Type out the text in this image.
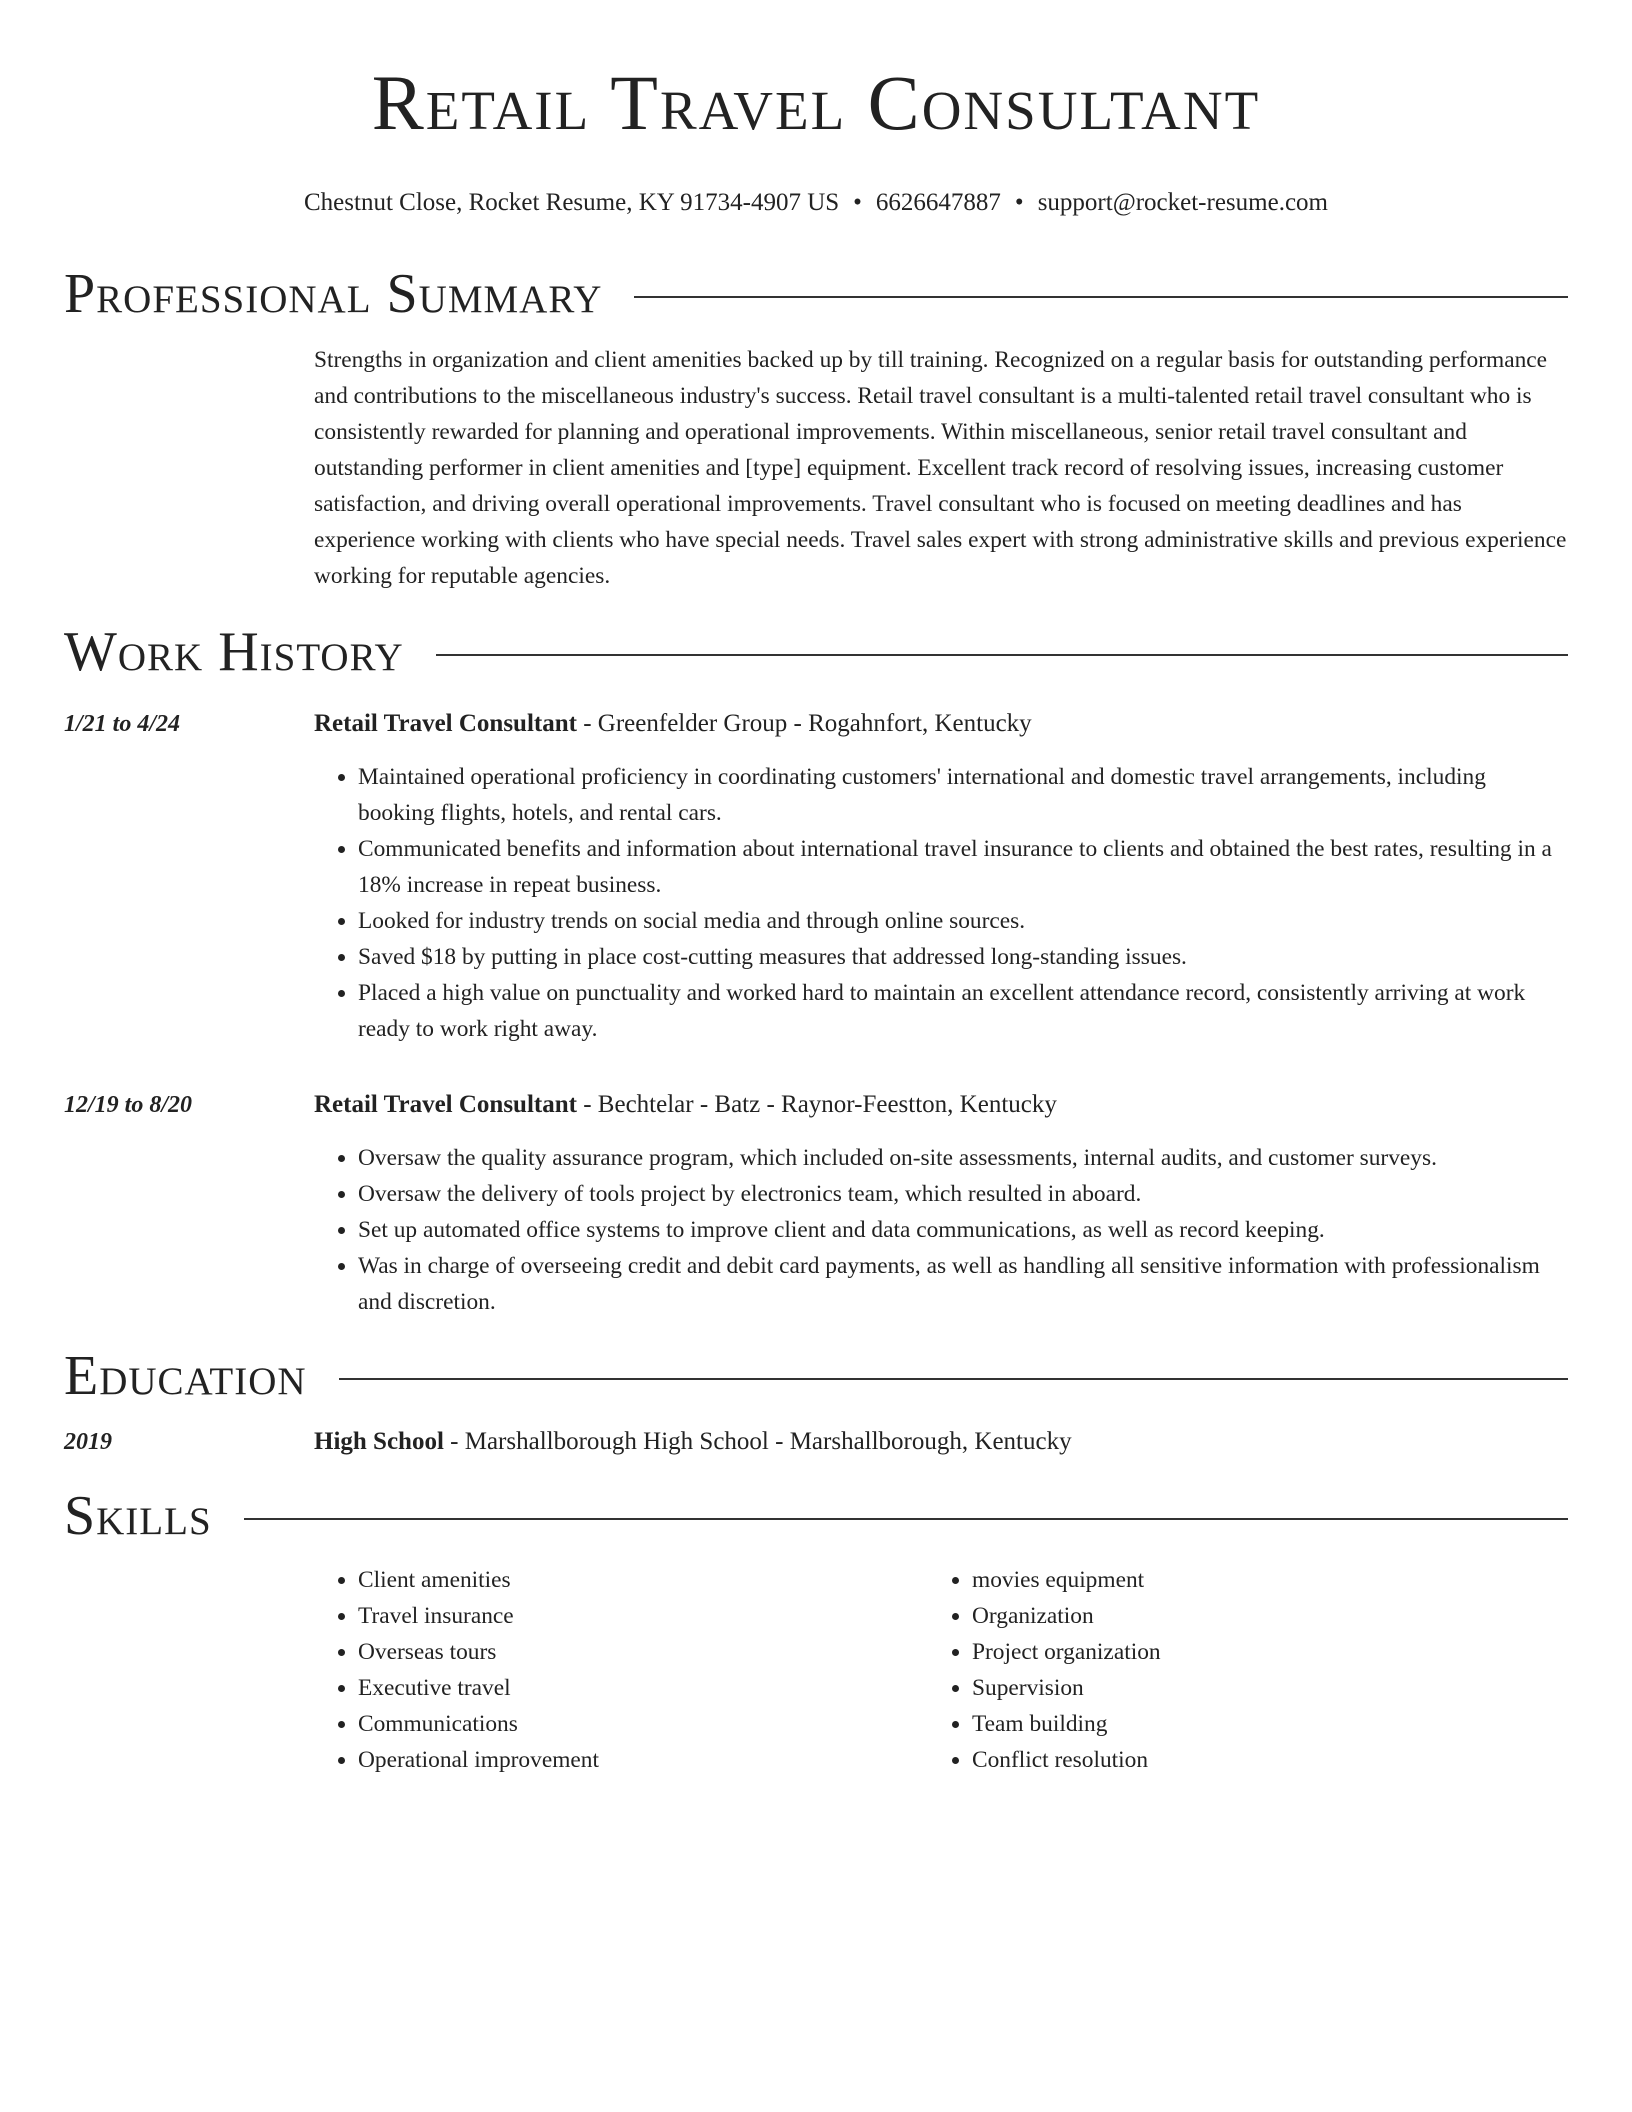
Retail Travel Consultant
Chestnut Close, Rocket Resume, KY 91734-4907 US • 6626647887 • support@rocket-resume.com
Professional Summary
Strengths in organization and client amenities backed up by till training. Recognized on a regular basis for outstanding performance and contributions to the miscellaneous industry's success. Retail travel consultant is a multi-talented retail travel consultant who is consistently rewarded for planning and operational improvements. Within miscellaneous, senior retail travel consultant and outstanding performer in client amenities and [type] equipment. Excellent track record of resolving issues, increasing customer satisfaction, and driving overall operational improvements. Travel consultant who is focused on meeting deadlines and has experience working with clients who have special needs. Travel sales expert with strong administrative skills and previous experience working for reputable agencies.
Work History
1/21 to 4/24	Retail Travel Consultant - Greenfelder Group - Rogahnfort, Kentucky
• Maintained operational proficiency in coordinating customers' international and domestic travel arrangements, including booking flights, hotels, and rental cars.
• Communicated benefits and information about international travel insurance to clients and obtained the best rates, resulting in a 18% increase in repeat business.
• Looked for industry trends on social media and through online sources.
• Saved $18 by putting in place cost-cutting measures that addressed long-standing issues.
• Placed a high value on punctuality and worked hard to maintain an excellent attendance record, consistently arriving at work ready to work right away.
12/19 to 8/20	Retail Travel Consultant - Bechtelar - Batz - Raynor-Feestton, Kentucky
• Oversaw the quality assurance program, which included on-site assessments, internal audits, and customer surveys.
• Oversaw the delivery of tools project by electronics team, which resulted in aboard.
• Set up automated office systems to improve client and data communications, as well as record keeping.
• Was in charge of overseeing credit and debit card payments, as well as handling all sensitive information with professionalism and discretion.
Education
2019	High School - Marshallborough High School - Marshallborough, Kentucky
Skills
• Client amenities
• Travel insurance
• Overseas tours
• Executive travel
• Communications
• Operational improvement
• movies equipment
• Organization
• Project organization
• Supervision
• Team building
• Conflict resolution
